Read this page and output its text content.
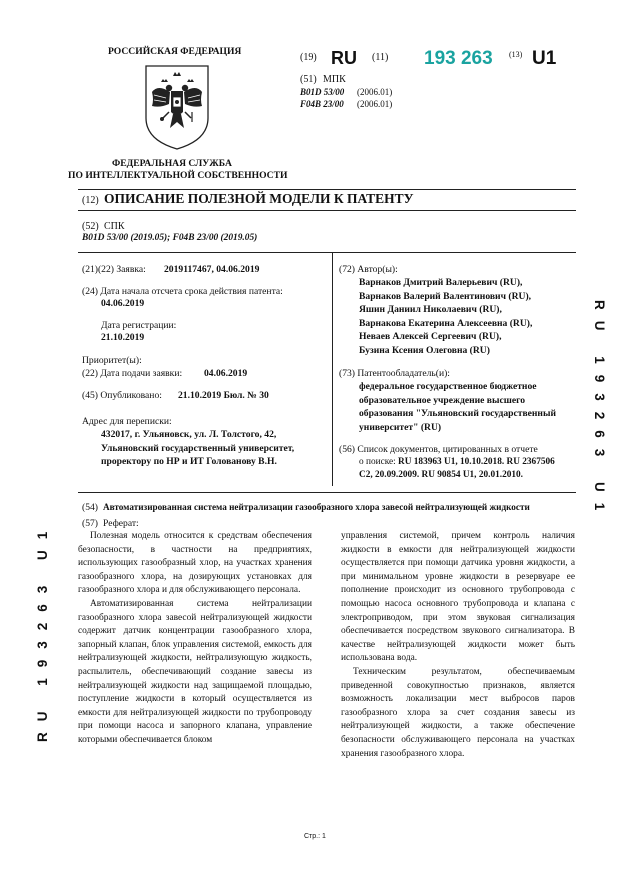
РОССИЙСКАЯ ФЕДЕРАЦИЯ
ФЕДЕРАЛЬНАЯ СЛУЖБА
ПО ИНТЕЛЛЕКТУАЛЬНОЙ СОБСТВЕННОСТИ
(19) RU (11) 193 263 (13) U1
(51) МПК
B01D 53/00 (2006.01)
F04B 23/00 (2006.01)
(12) ОПИСАНИЕ ПОЛЕЗНОЙ МОДЕЛИ К ПАТЕНТУ
(52) СПК
B01D 53/00 (2019.05); F04B 23/00 (2019.05)
(21)(22) Заявка: 2019117467, 04.06.2019
(24) Дата начала отсчета срока действия патента:
04.06.2019
Дата регистрации:
21.10.2019
Приоритет(ы):
(22) Дата подачи заявки: 04.06.2019
(45) Опубликовано: 21.10.2019 Бюл. № 30
Адрес для переписки:
432017, г. Ульяновск, ул. Л. Толстого, 42,
Ульяновский государственный университет,
проректору по НР и ИТ Голованову В.Н.
(72) Автор(ы):
Варнаков Дмитрий Валерьевич (RU),
Варнаков Валерий Валентинович (RU),
Яшин Даниил Николаевич (RU),
Варнакова Екатерина Алексеевна (RU),
Неваев Алексей Сергеевич (RU),
Бузина Ксения Олеговна (RU)
(73) Патентообладатель(и):
федеральное государственное бюджетное
образовательное учреждение высшего
образования "Ульяновский государственный
университет" (RU)
(56) Список документов, цитированных в отчете
о поиске: RU 183963 U1, 10.10.2018. RU 2367506
C2, 20.09.2009. RU 90854 U1, 20.01.2010.
(54) Автоматизированная система нейтрализации газообразного хлора завесой нейтрализующей жидкости
(57) Реферат:

Полезная модель относится к средствам обеспечения безопасности, в частности на предприятиях, использующих газообразный хлор, на участках хранения газообразного хлора, на дозирующих установках для газообразного хлора и для обслуживающего персонала.

Автоматизированная система нейтрализации газообразного хлора завесой нейтрализующей жидкости содержит датчик концентрации газообразного хлора, запорный клапан, блок управления системой, емкость для нейтрализующей жидкости, нейтрализующую жидкость, распылитель, обеспечивающий создание завесы из нейтрализующей жидкости над защищаемой площадью, поступление жидкости в который осуществляется из емкости для нейтрализующей жидкости по трубопроводу при помощи насоса и запорного клапана, управление которыми обеспечивается блоком

управления системой, причем контроль наличия жидкости в емкости для нейтрализующей жидкости осуществляется при помощи датчика уровня жидкости, а при минимальном уровне жидкости в резервуаре ее пополнение происходит из основного трубопровода с помощью насоса основного трубопровода и клапана с электроприводом, при этом звуковая сигнализация обеспечивается посредством звукового сигнализатора. В качестве нейтрализующей жидкости может быть использована вода.

Техническим результатом, обеспечиваемым приведенной совокупностью признаков, является возможность локализации мест выбросов паров газообразного хлора за счет создания завесы из нейтрализующей жидкости, а также обеспечение безопасности обслуживающего персонала на участках хранения газообразного хлора.

RU 193263 U1
RU 193263 U1
Стр.: 1
